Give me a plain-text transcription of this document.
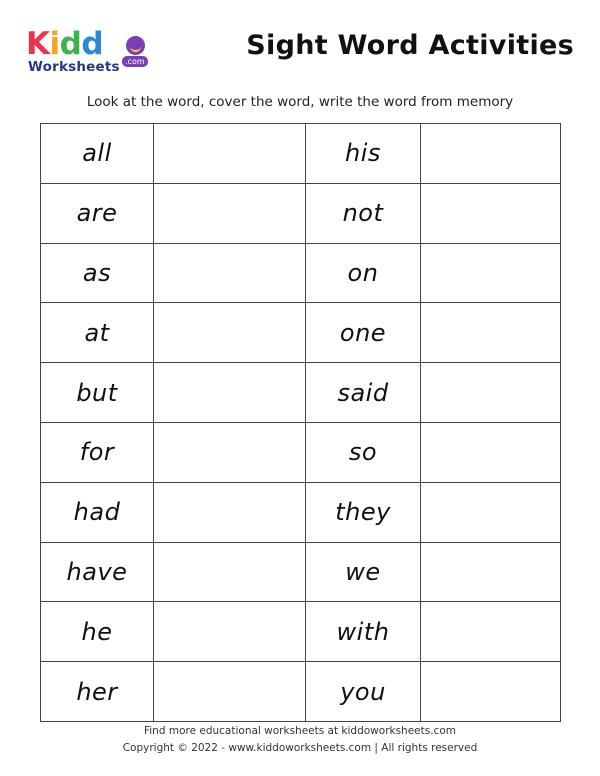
Kidd
Worksheets .com
Sight Word Activities
Look at the word, cover the word, write the word from memory
all		his	
are		not	
as		on	
at		one	
but		said	
for		so	
had		they	
have		we	
he		with	
her		you	
Find more educational worksheets at kiddoworksheets.com
Copyright © 2022 - www.kiddoworksheets.com | All rights reserved
